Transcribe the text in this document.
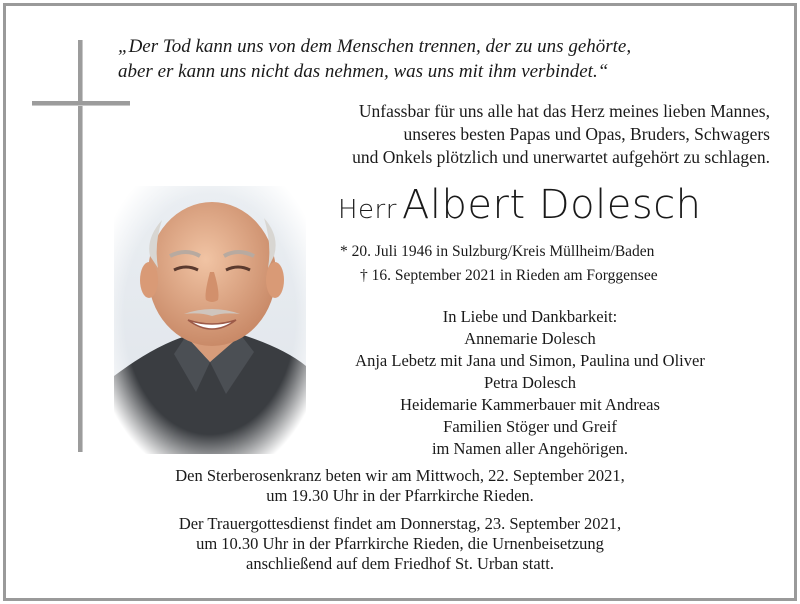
„Der Tod kann uns von dem Menschen trennen, der zu uns gehörte,
aber er kann uns nicht das nehmen, was uns mit ihm verbindet.“
Unfassbar für uns alle hat das Herz meines lieben Mannes,
unseres besten Papas und Opas, Bruders, Schwagers
und Onkels plötzlich und unerwartet aufgehört zu schlagen.
Herr Albert Dolesch
* 20. Juli 1946 in Sulzburg/Kreis Müllheim/Baden
† 16. September 2021 in Rieden am Forggensee
In Liebe und Dankbarkeit:
Annemarie Dolesch
Anja Lebetz mit Jana und Simon, Paulina und Oliver
Petra Dolesch
Heidemarie Kammerbauer mit Andreas
Familien Stöger und Greif
im Namen aller Angehörigen.
Den Sterberosenkranz beten wir am Mittwoch, 22. September 2021,
um 19.30 Uhr in der Pfarrkirche Rieden.
Der Trauergottesdienst findet am Donnerstag, 23. September 2021,
um 10.30 Uhr in der Pfarrkirche Rieden, die Urnenbeisetzung
anschließend auf dem Friedhof St. Urban statt.
